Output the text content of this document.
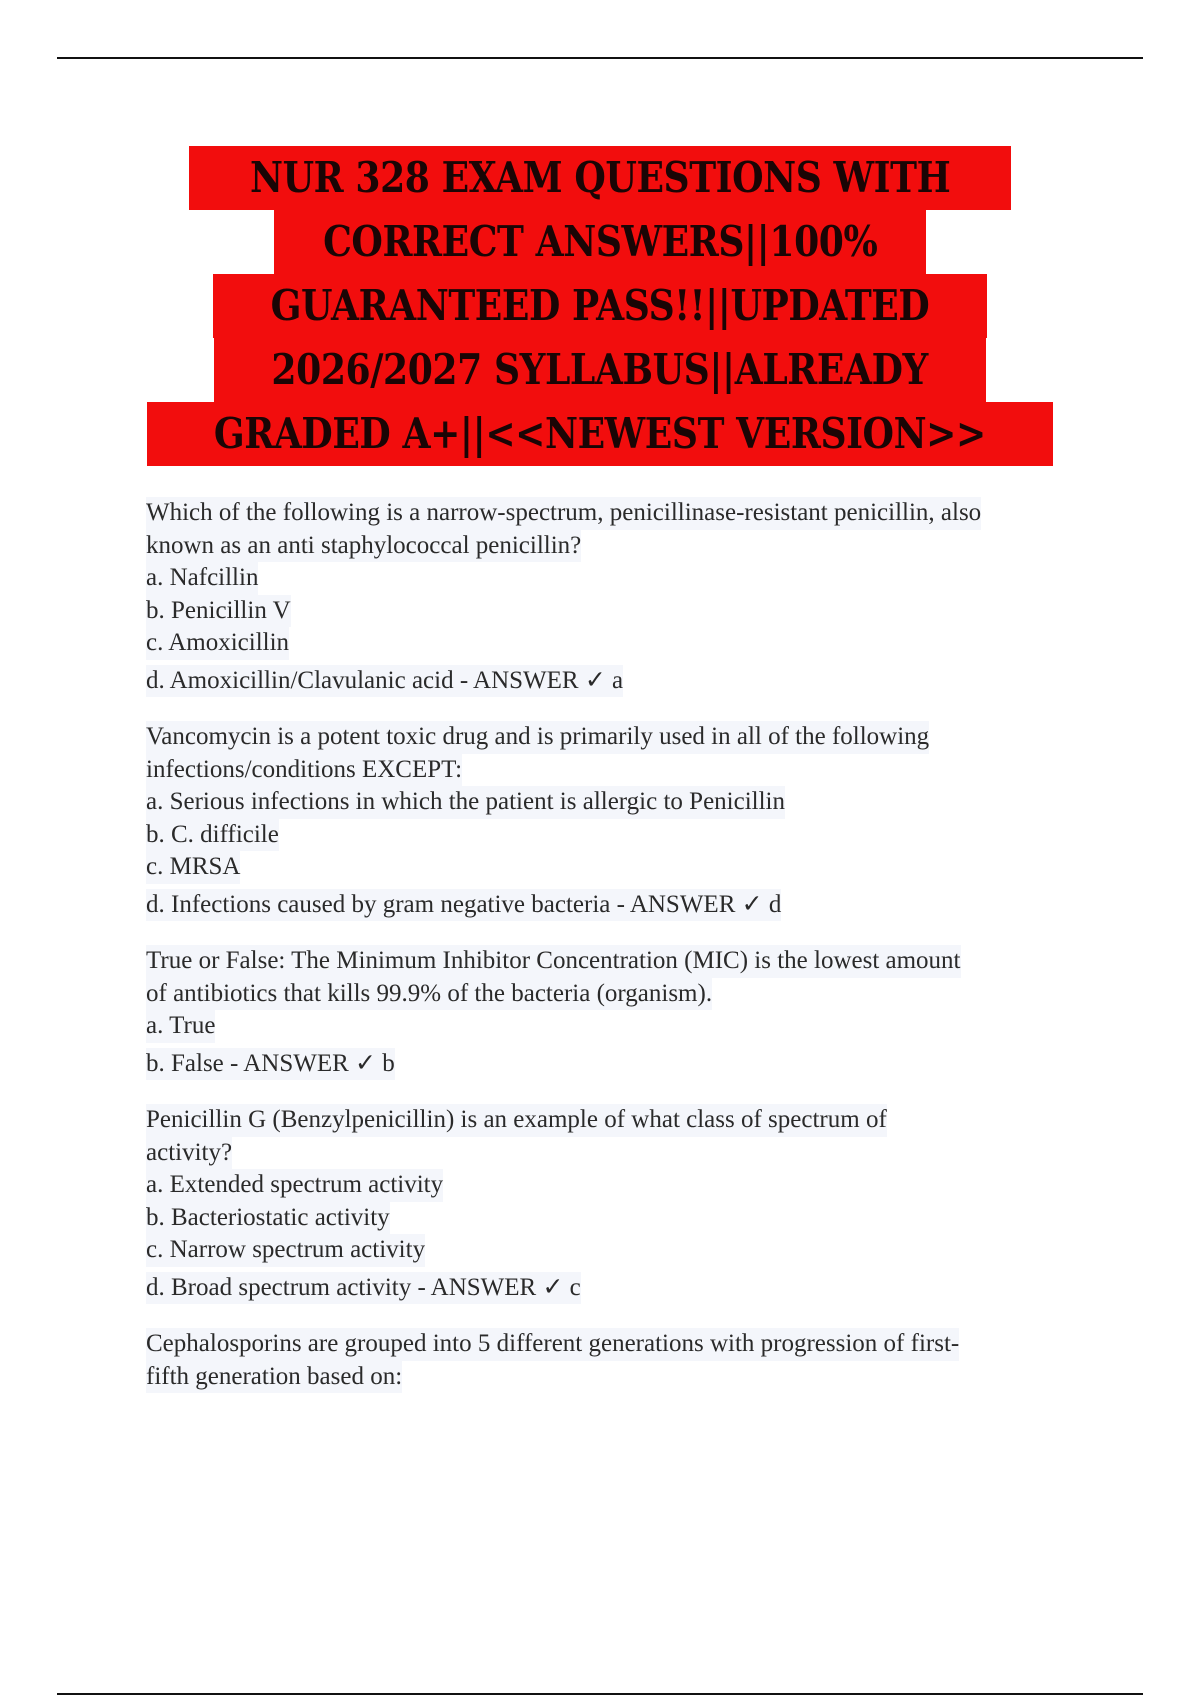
NUR 328 EXAM QUESTIONS WITH
CORRECT ANSWERS||100%
GUARANTEED PASS!!||UPDATED
2026/2027 SYLLABUS||ALREADY
GRADED A+||<<NEWEST VERSION>>
Which of the following is a narrow-spectrum, penicillinase-resistant penicillin, also
known as an anti staphylococcal penicillin?
a. Nafcillin
b. Penicillin V
c. Amoxicillin
d. Amoxicillin/Clavulanic acid - ANSWER ✓ a
Vancomycin is a potent toxic drug and is primarily used in all of the following
infections/conditions EXCEPT:
a. Serious infections in which the patient is allergic to Penicillin
b. C. difficile
c. MRSA
d. Infections caused by gram negative bacteria - ANSWER ✓ d
True or False: The Minimum Inhibitor Concentration (MIC) is the lowest amount
of antibiotics that kills 99.9% of the bacteria (organism).
a. True
b. False - ANSWER ✓ b
Penicillin G (Benzylpenicillin) is an example of what class of spectrum of
activity?
a. Extended spectrum activity
b. Bacteriostatic activity
c. Narrow spectrum activity
d. Broad spectrum activity - ANSWER ✓ c
Cephalosporins are grouped into 5 different generations with progression of first-
fifth generation based on:
